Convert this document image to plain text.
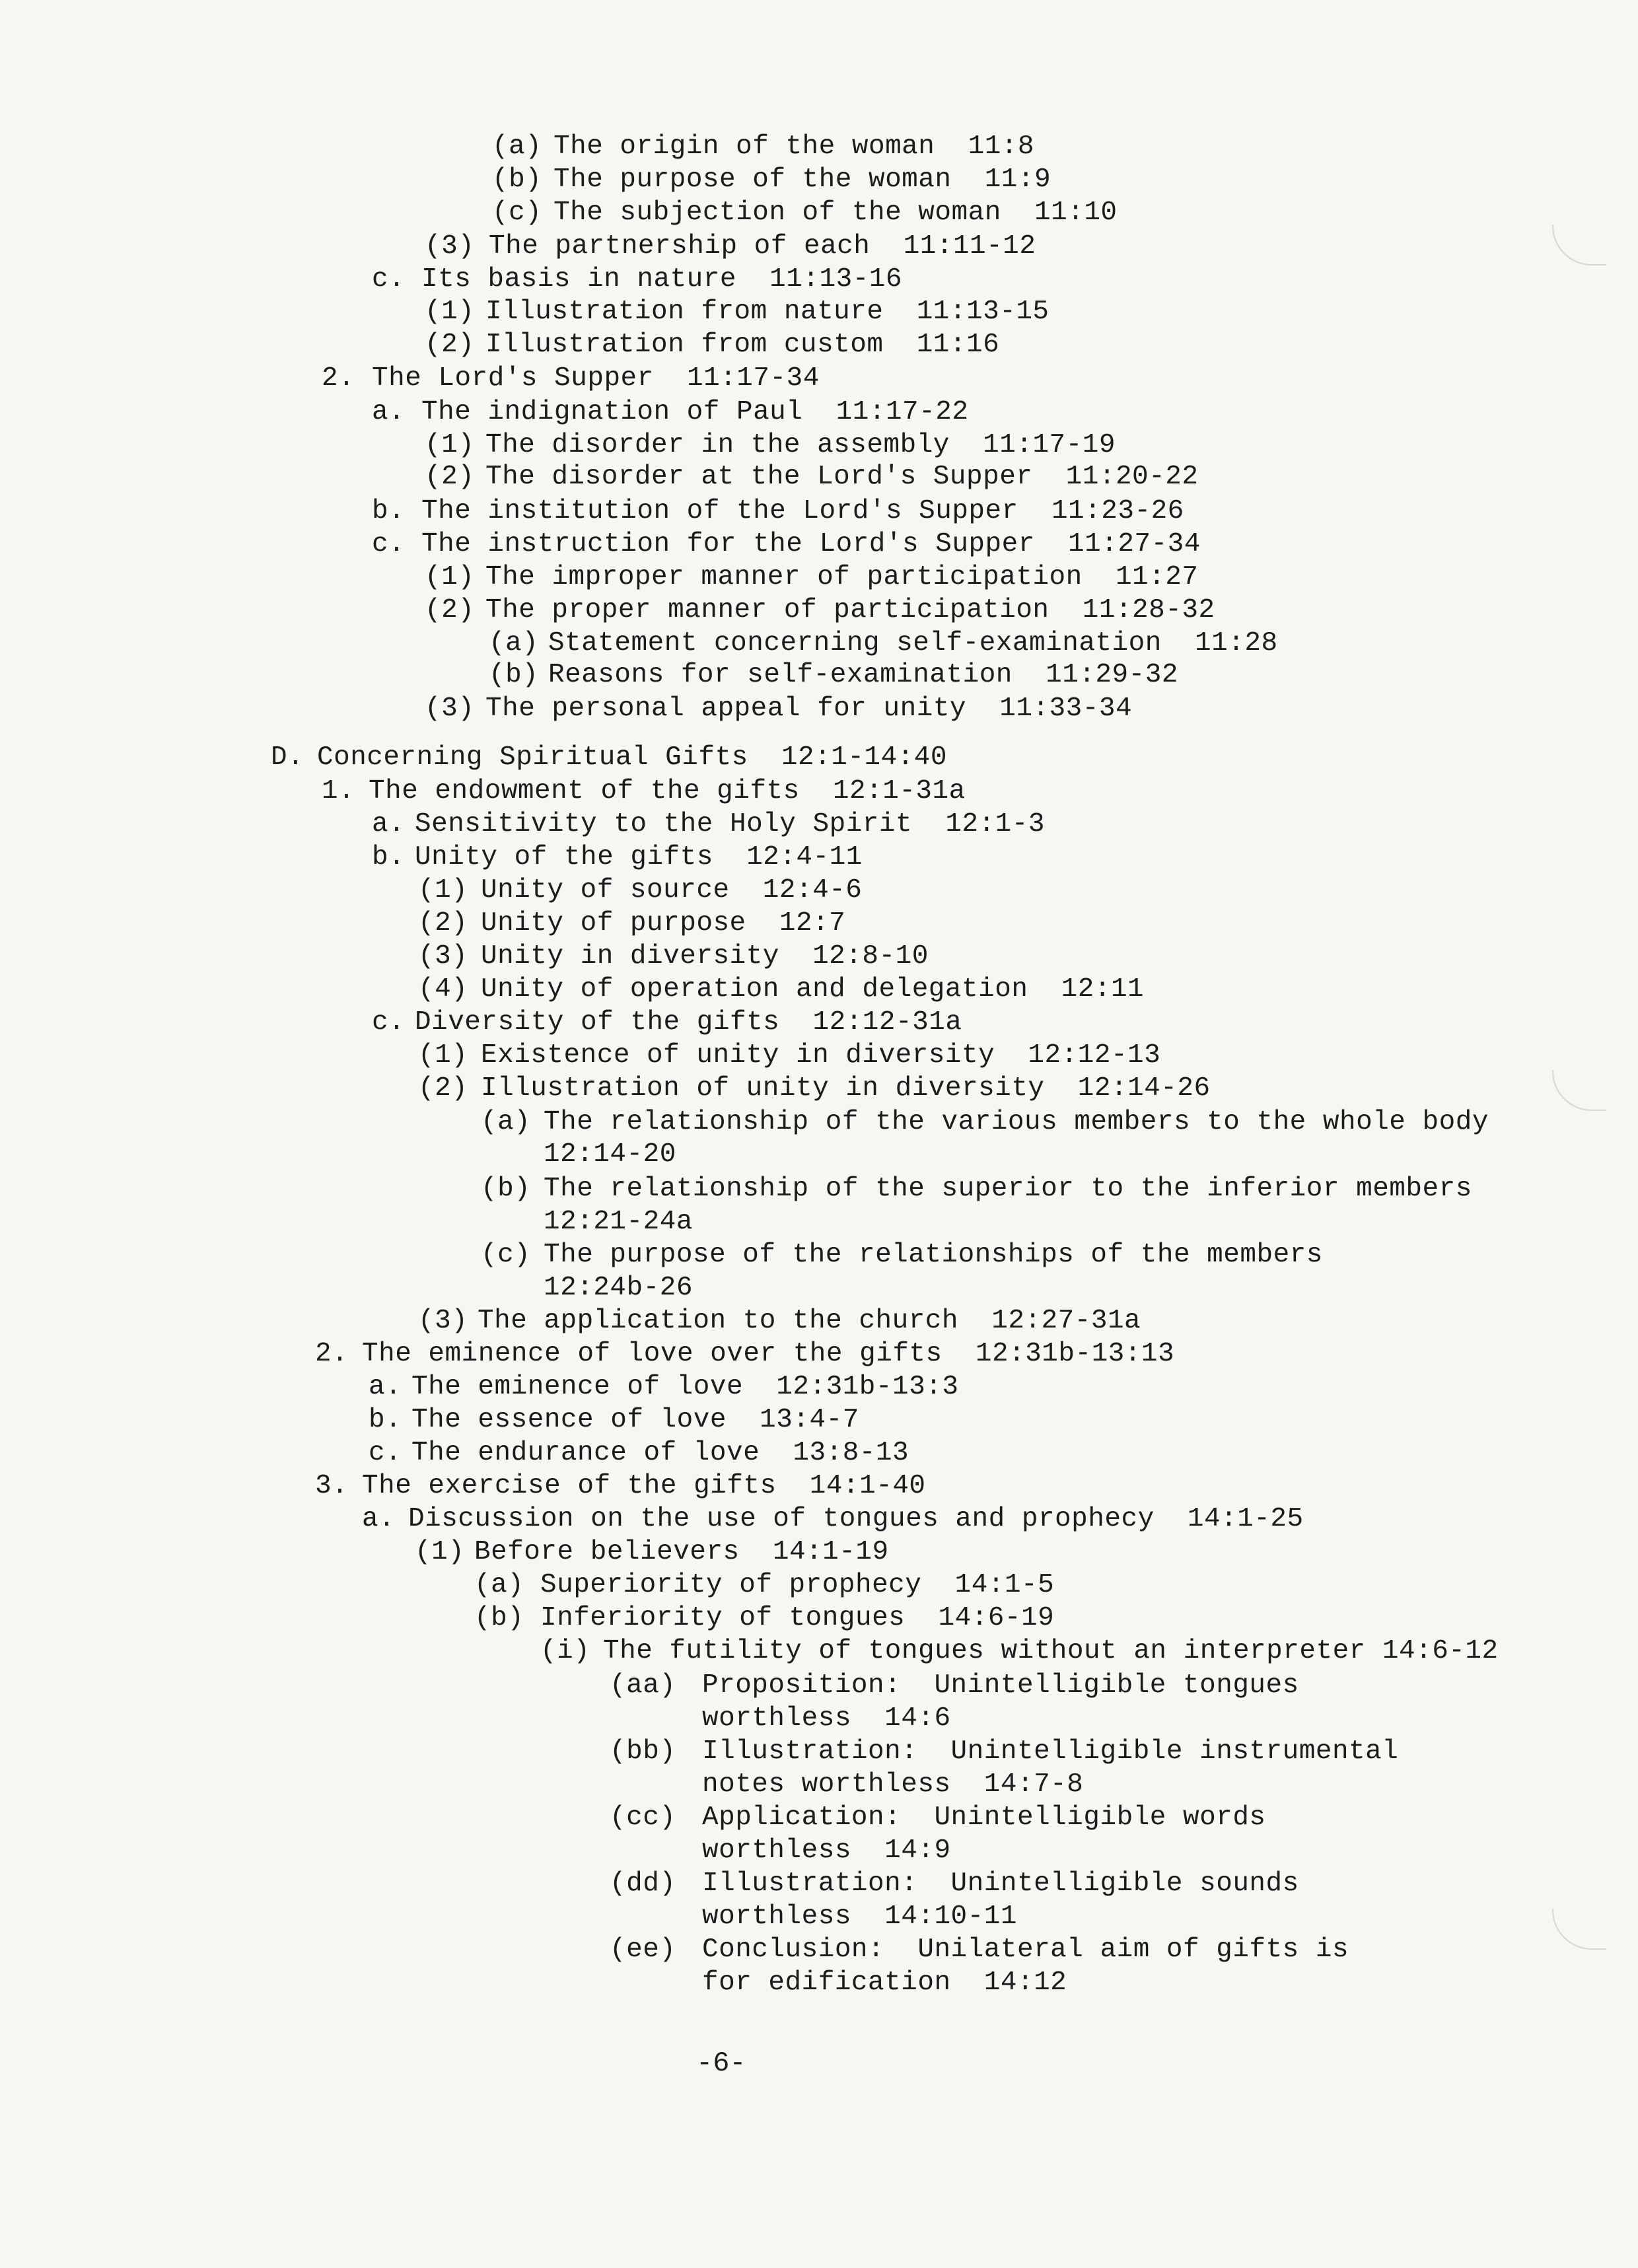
(a) The origin of the woman  11:8
(b) The purpose of the woman  11:9
(c) The subjection of the woman  11:10
(3) The partnership of each  11:11-12
c. Its basis in nature  11:13-16
(1) Illustration from nature  11:13-15
(2) Illustration from custom  11:16
2. The Lord's Supper  11:17-34
a. The indignation of Paul  11:17-22
(1) The disorder in the assembly  11:17-19
(2) The disorder at the Lord's Supper  11:20-22
b. The institution of the Lord's Supper  11:23-26
c. The instruction for the Lord's Supper  11:27-34
(1) The improper manner of participation  11:27
(2) The proper manner of participation  11:28-32
(a) Statement concerning self-examination  11:28
(b) Reasons for self-examination  11:29-32
(3) The personal appeal for unity  11:33-34
D. Concerning Spiritual Gifts  12:1-14:40
1. The endowment of the gifts  12:1-31a
a. Sensitivity to the Holy Spirit  12:1-3
b. Unity of the gifts  12:4-11
(1) Unity of source  12:4-6
(2) Unity of purpose  12:7
(3) Unity in diversity  12:8-10
(4) Unity of operation and delegation  12:11
c. Diversity of the gifts  12:12-31a
(1) Existence of unity in diversity  12:12-13
(2) Illustration of unity in diversity  12:14-26
(a) The relationship of the various members to the whole body
12:14-20
(b) The relationship of the superior to the inferior members
12:21-24a
(c) The purpose of the relationships of the members
12:24b-26
(3) The application to the church  12:27-31a
2. The eminence of love over the gifts  12:31b-13:13
a. The eminence of love  12:31b-13:3
b. The essence of love  13:4-7
c. The endurance of love  13:8-13
3. The exercise of the gifts  14:1-40
a. Discussion on the use of tongues and prophecy  14:1-25
(1) Before believers  14:1-19
(a) Superiority of prophecy  14:1-5
(b) Inferiority of tongues  14:6-19
(i) The futility of tongues without an interpreter 14:6-12
(aa) Proposition:  Unintelligible tongues
worthless  14:6
(bb) Illustration:  Unintelligible instrumental
notes worthless  14:7-8
(cc) Application:  Unintelligible words
worthless  14:9
(dd) Illustration:  Unintelligible sounds
worthless  14:10-11
(ee) Conclusion:  Unilateral aim of gifts is
for edification  14:12
-6-
